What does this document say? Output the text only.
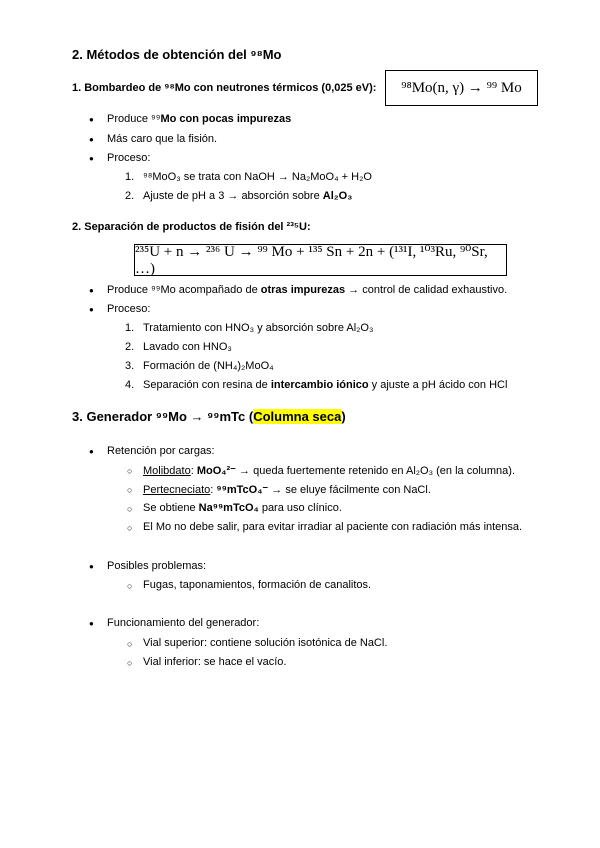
2. Métodos de obtención del ⁹⁸Mo
1. Bombardeo de ⁹⁸Mo con neutrones térmicos (0,025 eV):	⁹⁸Mo(n, γ) → ⁹⁹ Mo
● Produce ⁹⁹Mo con pocas impurezas
● Más caro que la fisión.
● Proceso:
1. ⁹⁸MoO₃ se trata con NaOH → Na₂MoO₄ + H₂O
2. Ajuste de pH a 3 → absorción sobre Al₂O₃
2. Separación de productos de fisión del ²³⁵U:
²³⁵U + n → ²³⁶ U → ⁹⁹ Mo + ¹³⁵ Sn + 2n + (¹³¹I, ¹⁰³Ru, ⁹⁰Sr, …)
● Produce ⁹⁹Mo acompañado de otras impurezas → control de calidad exhaustivo.
● Proceso:
1. Tratamiento con HNO₃ y absorción sobre Al₂O₃
2. Lavado con HNO₃
3. Formación de (NH₄)₂MoO₄
4. Separación con resina de intercambio iónico y ajuste a pH ácido con HCl
3. Generador ⁹⁹Mo → ⁹⁹mTc (Columna seca)
● Retención por cargas:
○ Molibdato: MoO₄²⁻ → queda fuertemente retenido en Al₂O₃ (en la columna).
○ Pertecneciato: ⁹⁹mTcO₄⁻ → se eluye fácilmente con NaCl.
○ Se obtiene Na⁹⁹mTcO₄ para uso clínico.
○ El Mo no debe salir, para evitar irradiar al paciente con radiación más intensa.
● Posibles problemas:
○ Fugas, taponamientos, formación de canalitos.
● Funcionamiento del generador:
○ Vial superior: contiene solución isotónica de NaCl.
○ Vial inferior: se hace el vacío.
